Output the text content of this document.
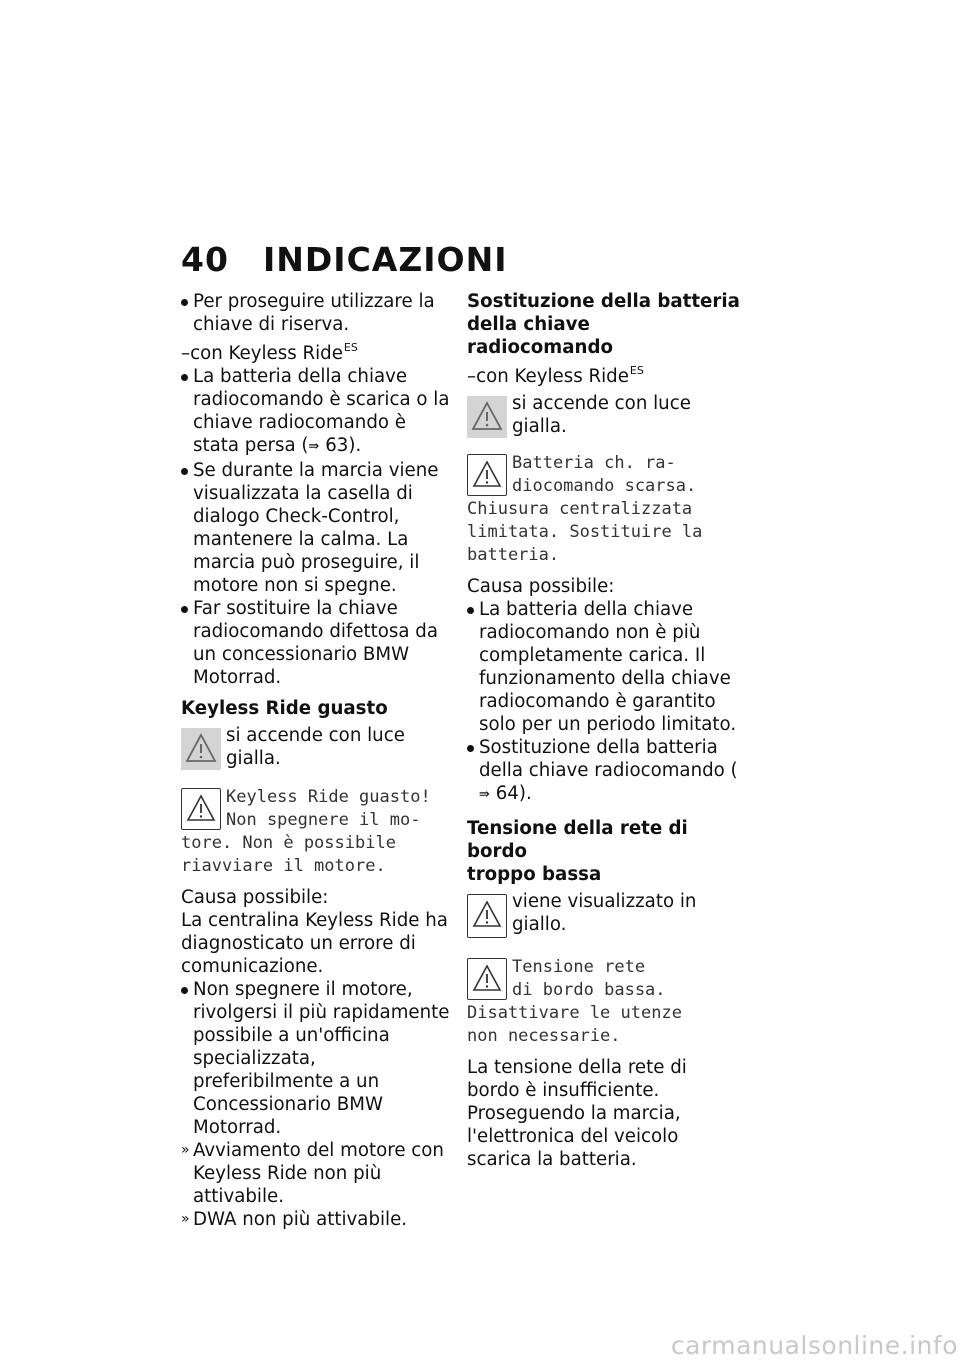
40 INDICAZIONI
Per proseguire utilizzare la chiave di riserva.
–con Keyless Ride$^{ES}$
La batteria della chiave radiocomando è scarica o la chiave radiocomando è stata persa (⇛ 63).
Se durante la marcia viene visualizzata la casella di dialogo Check-Control, mantenere la calma. La marcia può proseguire, il motore non si spegne.
Far sostituire la chiave radiocomando difettosa da un concessionario BMW Motorrad.
Keyless Ride guasto
si accende con luce gialla.
Keyless Ride guasto!
Non spegnere il mo-
tore. Non è possibile
riavviare il motore.
Causa possibile:
La centralina Keyless Ride ha diagnosticato un errore di comunicazione.
Non spegnere il motore, rivolgersi il più rapidamente possibile a un'officina specializzata, preferibilmente a un Concessionario BMW Motorrad.
» Avviamento del motore con Keyless Ride non più attivabile.
» DWA non più attivabile.
Sostituzione della batteria
della chiave radiocomando
–con Keyless Ride$^{ES}$
si accende con luce gialla.
Batteria ch. ra-
diocomando scarsa.
Chiusura centralizzata
limitata. Sostituire la
batteria.
Causa possibile:
La batteria della chiave radiocomando non è più completamente carica. Il funzionamento della chiave radiocomando è garantito solo per un periodo limitato.
Sostituzione della batteria della chiave radiocomando (⇛ 64).
Tensione della rete di bordo
troppo bassa
viene visualizzato in giallo.
Tensione rete
di bordo bassa.
Disattivare le utenze
non necessarie.
La tensione della rete di bordo è insufficiente. Proseguendo la marcia, l'elettronica del veicolo scarica la batteria.
carmanualsonline.info
